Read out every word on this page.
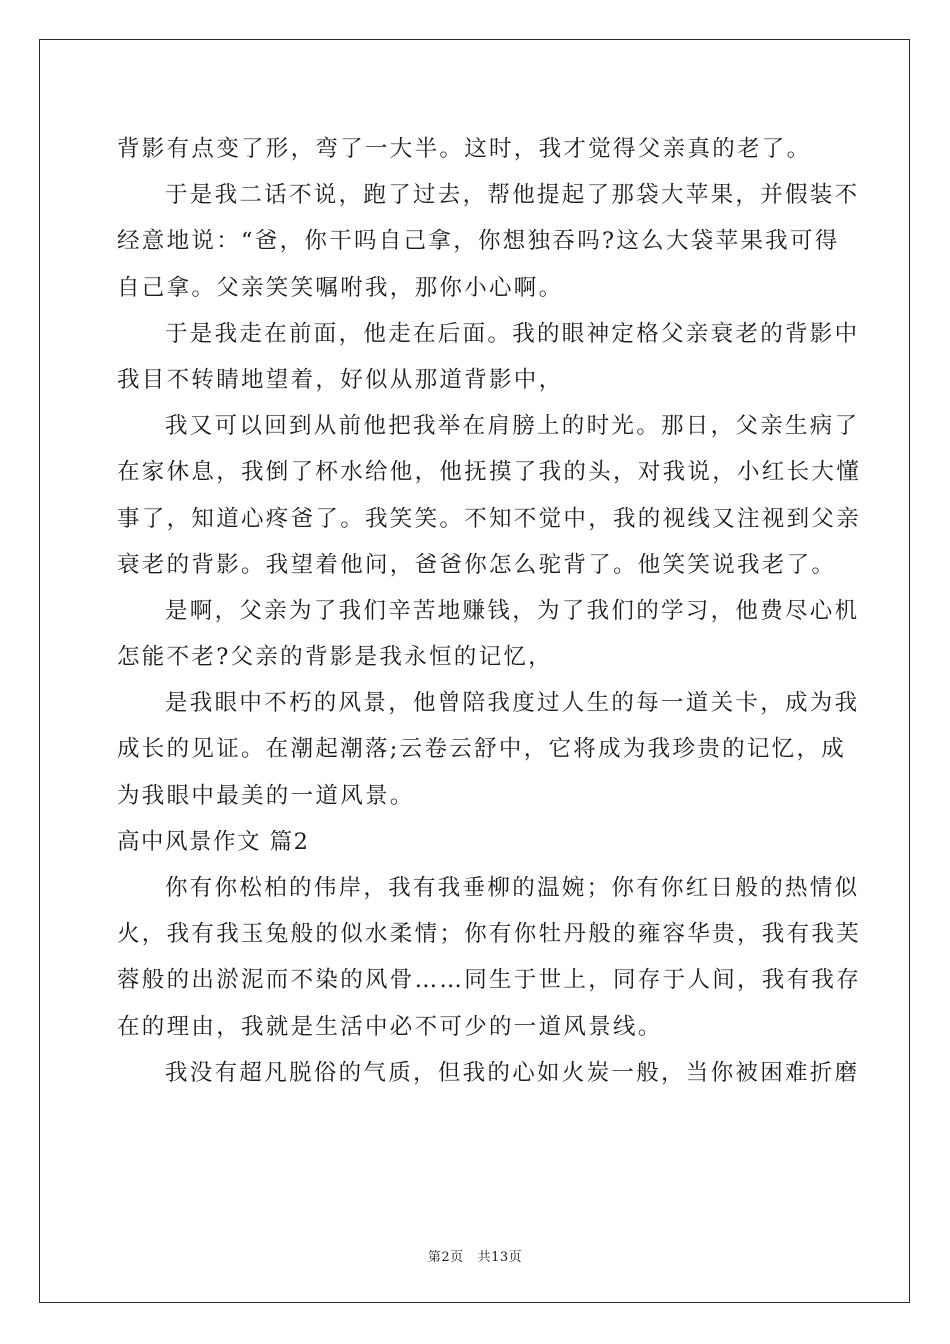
背影有点变了形，弯了一大半。这时，我才觉得父亲真的老了。
于是我二话不说，跑了过去，帮他提起了那袋大苹果，并假装不
经意地说：“爸，你干吗自己拿，你想独吞吗?这么大袋苹果我可得
自己拿。父亲笑笑嘱咐我，那你小心啊。
于是我走在前面，他走在后面。我的眼神定格父亲衰老的背影中
我目不转睛地望着，好似从那道背影中，
我又可以回到从前他把我举在肩膀上的时光。那日，父亲生病了
在家休息，我倒了杯水给他，他抚摸了我的头，对我说，小红长大懂
事了，知道心疼爸了。我笑笑。不知不觉中，我的视线又注视到父亲
衰老的背影。我望着他问，爸爸你怎么驼背了。他笑笑说我老了。
是啊，父亲为了我们辛苦地赚钱，为了我们的学习，他费尽心机
怎能不老?父亲的背影是我永恒的记忆，
是我眼中不朽的风景，他曾陪我度过人生的每一道关卡，成为我
成长的见证。在潮起潮落;云卷云舒中，它将成为我珍贵的记忆，成
为我眼中最美的一道风景。
高中风景作文 篇2
你有你松柏的伟岸，我有我垂柳的温婉；你有你红日般的热情似
火，我有我玉兔般的似水柔情；你有你牡丹般的雍容华贵，我有我芙
蓉般的出淤泥而不染的风骨……同生于世上，同存于人间，我有我存
在的理由，我就是生活中必不可少的一道风景线。
我没有超凡脱俗的气质，但我的心如火炭一般，当你被困难折磨
第2页 共13页
